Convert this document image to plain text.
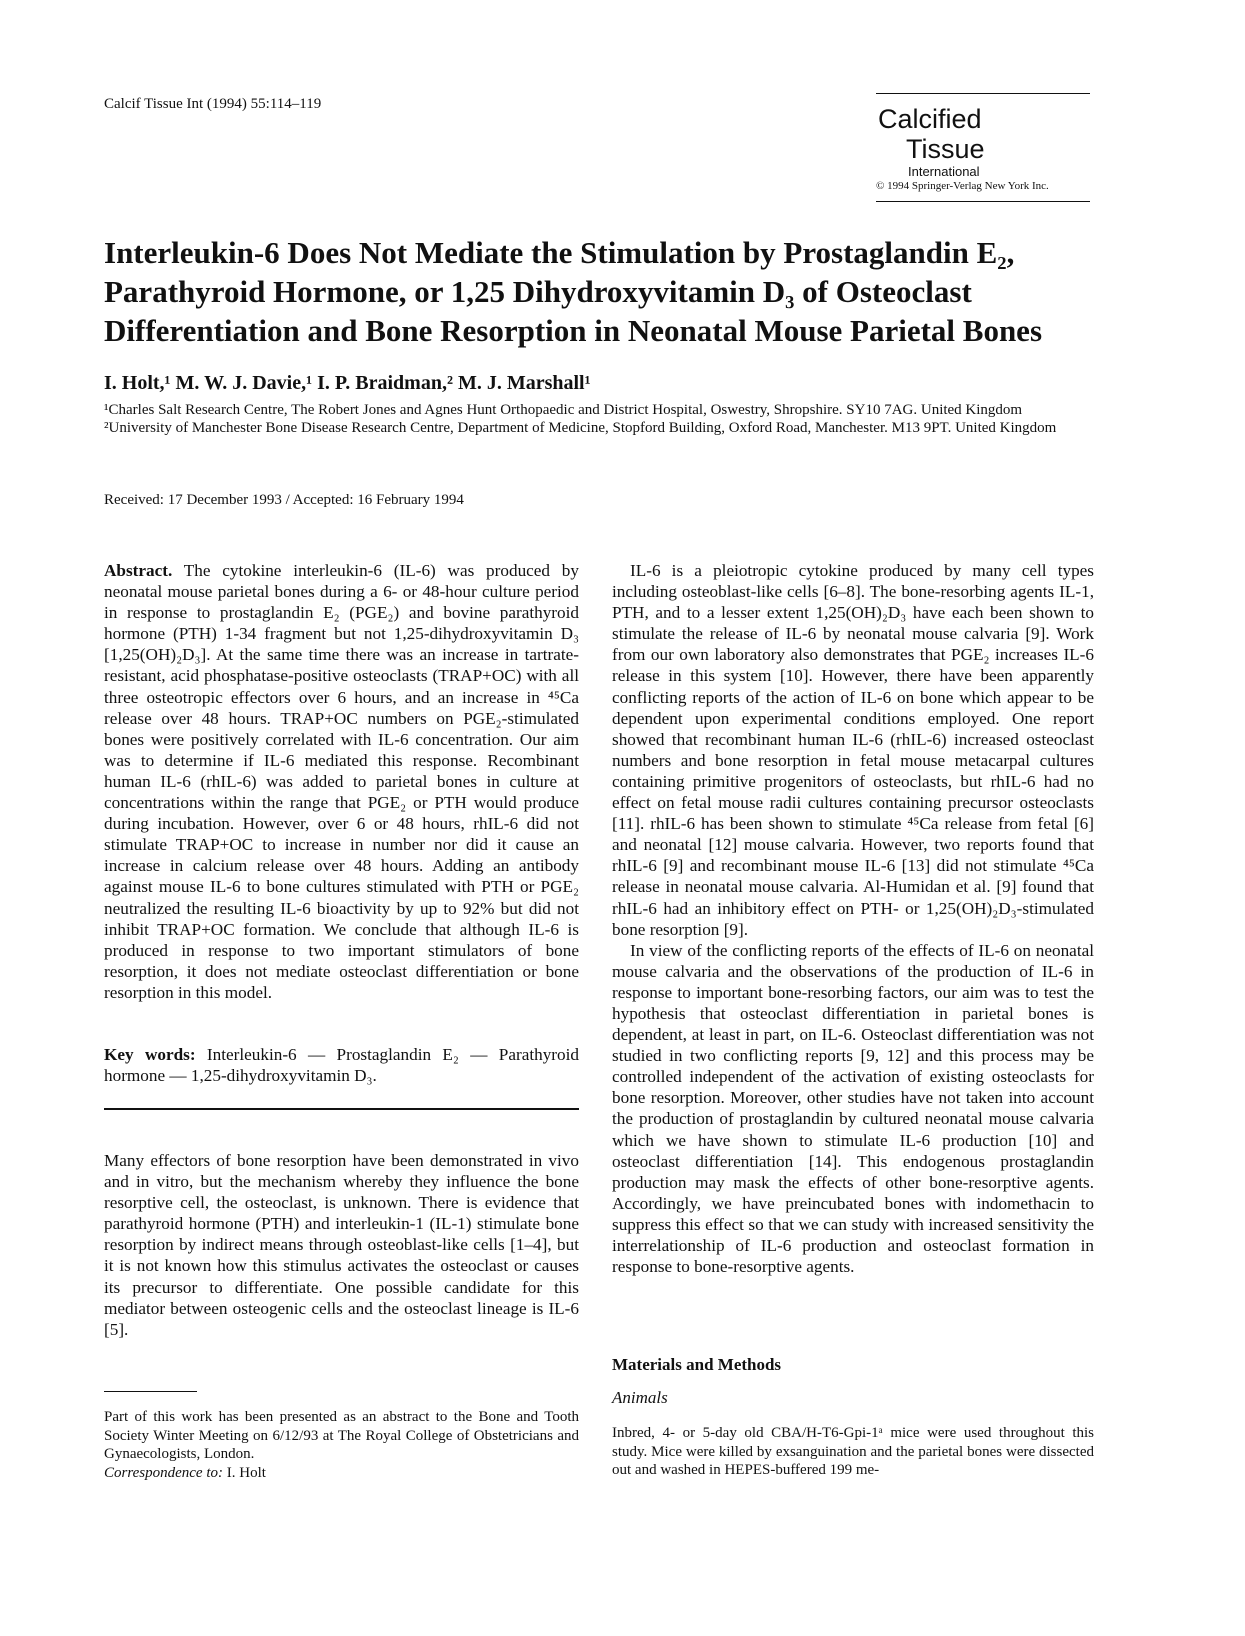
Calcif Tissue Int (1994) 55:114–119	Calcified
Tissue
International
© 1994 Springer-Verlag New York Inc.
Interleukin-6 Does Not Mediate the Stimulation by Prostaglandin E₂,
Parathyroid Hormone, or 1,25 Dihydroxyvitamin D₃ of Osteoclast
Differentiation and Bone Resorption in Neonatal Mouse Parietal Bones
I. Holt,¹ M. W. J. Davie,¹ I. P. Braidman,² M. J. Marshall¹
¹Charles Salt Research Centre, The Robert Jones and Agnes Hunt Orthopaedic and District Hospital, Oswestry, Shropshire. SY10 7AG. United Kingdom
²University of Manchester Bone Disease Research Centre, Department of Medicine, Stopford Building, Oxford Road, Manchester. M13 9PT. United Kingdom
Received: 17 December 1993 / Accepted: 16 February 1994

Abstract. The cytokine interleukin-6 (IL-6) was produced by neonatal mouse parietal bones during a 6- or 48-hour culture period in response to prostaglandin E₂ (PGE₂) and bovine parathyroid hormone (PTH) 1-34 fragment but not 1,25-dihydroxyvitamin D₃ [1,25(OH)₂D₃]. At the same time there was an increase in tartrate-resistant, acid phosphatase-positive osteoclasts (TRAP+OC) with all three osteotropic effectors over 6 hours, and an increase in ⁴⁵Ca release over 48 hours. TRAP+OC numbers on PGE₂-stimulated bones were positively correlated with IL-6 concentration. Our aim was to determine if IL-6 mediated this response. Recombinant human IL-6 (rhIL-6) was added to parietal bones in culture at concentrations within the range that PGE₂ or PTH would produce during incubation. However, over 6 or 48 hours, rhIL-6 did not stimulate TRAP+OC to increase in number nor did it cause an increase in calcium release over 48 hours. Adding an antibody against mouse IL-6 to bone cultures stimulated with PTH or PGE₂ neutralized the resulting IL-6 bioactivity by up to 92% but did not inhibit TRAP+OC formation. We conclude that although IL-6 is produced in response to two important stimulators of bone resorption, it does not mediate osteoclast differentiation or bone resorption in this model.

Key words: Interleukin-6 — Prostaglandin E₂ — Parathyroid hormone — 1,25-dihydroxyvitamin D₃.

Many effectors of bone resorption have been demonstrated in vivo and in vitro, but the mechanism whereby they influence the bone resorptive cell, the osteoclast, is unknown. There is evidence that parathyroid hormone (PTH) and interleukin-1 (IL-1) stimulate bone resorption by indirect means through osteoblast-like cells [1–4], but it is not known how this stimulus activates the osteoclast or causes its precursor to differentiate. One possible candidate for this mediator between osteogenic cells and the osteoclast lineage is IL-6 [5].

Part of this work has been presented as an abstract to the Bone and Tooth Society Winter Meeting on 6/12/93 at The Royal College of Obstetricians and Gynaecologists, London.
Correspondence to: I. Holt

IL-6 is a pleiotropic cytokine produced by many cell types including osteoblast-like cells [6–8]. The bone-resorbing agents IL-1, PTH, and to a lesser extent 1,25(OH)₂D₃ have each been shown to stimulate the release of IL-6 by neonatal mouse calvaria [9]. Work from our own laboratory also demonstrates that PGE₂ increases IL-6 release in this system [10]. However, there have been apparently conflicting reports of the action of IL-6 on bone which appear to be dependent upon experimental conditions employed. One report showed that recombinant human IL-6 (rhIL-6) increased osteoclast numbers and bone resorption in fetal mouse metacarpal cultures containing primitive progenitors of osteoclasts, but rhIL-6 had no effect on fetal mouse radii cultures containing precursor osteoclasts [11]. rhIL-6 has been shown to stimulate ⁴⁵Ca release from fetal [6] and neonatal [12] mouse calvaria. However, two reports found that rhIL-6 [9] and recombinant mouse IL-6 [13] did not stimulate ⁴⁵Ca release in neonatal mouse calvaria. Al-Humidan et al. [9] found that rhIL-6 had an inhibitory effect on PTH- or 1,25(OH)₂D₃-stimulated bone resorption [9].

In view of the conflicting reports of the effects of IL-6 on neonatal mouse calvaria and the observations of the production of IL-6 in response to important bone-resorbing factors, our aim was to test the hypothesis that osteoclast differentiation in parietal bones is dependent, at least in part, on IL-6. Osteoclast differentiation was not studied in two conflicting reports [9, 12] and this process may be controlled independent of the activation of existing osteoclasts for bone resorption. Moreover, other studies have not taken into account the production of prostaglandin by cultured neonatal mouse calvaria which we have shown to stimulate IL-6 production [10] and osteoclast differentiation [14]. This endogenous prostaglandin production may mask the effects of other bone-resorptive agents. Accordingly, we have preincubated bones with indomethacin to suppress this effect so that we can study with increased sensitivity the interrelationship of IL-6 production and osteoclast formation in response to bone-resorptive agents.

Materials and Methods
Animals
Inbred, 4- or 5-day old CBA/H-T6-Gpi-1ᵃ mice were used throughout this study. Mice were killed by exsanguination and the parietal bones were dissected out and washed in HEPES-buffered 199 me-
